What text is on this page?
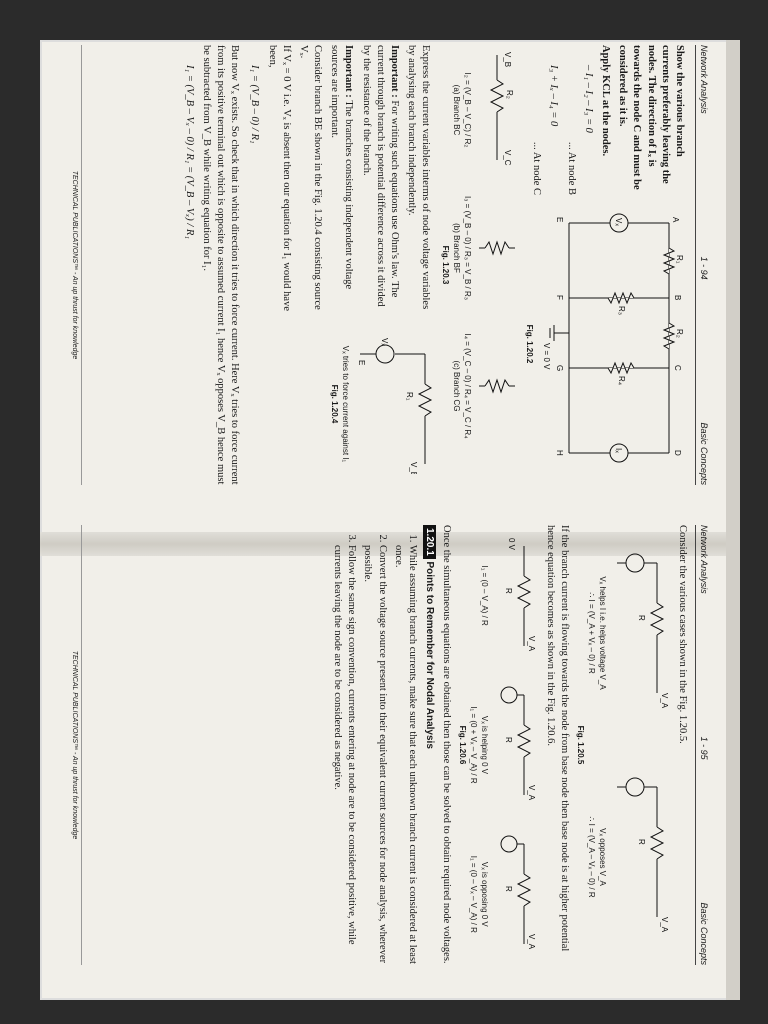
Network Analysis
1 - 94
Basic Concepts

Show the various branch currents preferably leaving the nodes. The direction of Iₓ is towards the node C and must be considered as it is.

Apply KCL at the nodes.

– I₁ – I₂ – I₃ = 0

... At node B

I₃ + Iₓ – I₄ = 0

... At node C

A
B
C
D
E
F
G
H
R₁
R₂
R₃
R₄
Vₓ
Iₓ
V = 0 V
Fig. 1.20.2
V_B
R₂
V_C
I₂ = (V_B – V_C) / R₂
(a) Branch BC
I₃ = (V_B – 0) / R₃ = V_B / R₃
(b) Branch BF
I₄ = (V_C – 0) / R₄ = V_C / R₄
(c) Branch CG
Fig. 1.20.3

Express the current variables interms of node voltage variables by analysing each branch independently.

Important : For writing such equations use Ohm's law. The current through branch is potential difference across it divided by the resistance of the branch.

Important : The branches consisting independent voltage sources are important.

Consider branch BE shown in the Fig. 1.20.4 consisting source Vₓ.

If Vₓ = 0 V i.e. Vₓ is absent then our equation for I₁ would have been,

I₁ = (V_B – 0) / R₁

R₁
V_B
Vₓ
E
Vₓ tries to force current against I₁
Fig. 1.20.4

But now Vₓ exists. So check that in which direction it tries to force current. Here Vₓ tries to force current from its positive terminal out which is opposite to assumed current I₁ hence Vₓ opposes V_B hence must be subtracted from V_B while writing equation for I₁.

I₁ = (V_B – Vₓ – 0) / R₁ = (V_B – Vₓ) / R₁

TECHNICAL PUBLICATIONS™ - An up thrust for knowledge
Network Analysis
1 - 95
Basic Concepts

Consider the various cases shown in the Fig. 1.20.5.

R
V_A
Vₓ helps I i.e. helps voltage V_A
∴ I = (V_A + Vₓ – 0) / R
R
V_A
Vₓ opposes V_A
∴ I = (V_A – Vₓ – 0) / R
Fig. 1.20.5

If the branch current is flowing towards the node from base node then base node is at higher potential hence equation becomes as shown in the Fig. 1.20.6.

R
V_A
0 V
I₁ = (0 – V_A) / R
R
V_A
Vₓ is helping 0 V
I₁ = (0 + Vₓ – V_A) / R
R
V_A
Vₓ is opposing 0 V
I₁ = (0 – Vₓ – V_A) / R
Fig. 1.20.6

Once the simultaneous equations are obtained then those can be solved to obtain required node voltages.

1.20.1 Points to Remember for Nodal Analysis

1. While assuming branch currents, make sure that each unknown branch current is considered at least once.
2. Convert the voltage source present into their equivalent current sources for node analysis, wherever possible.
3. Follow the same sign convention, currents entering at node are to be considered positive, while currents leaving the node are to be considered as negative.
TECHNICAL PUBLICATIONS™ - An up thrust for knowledge
